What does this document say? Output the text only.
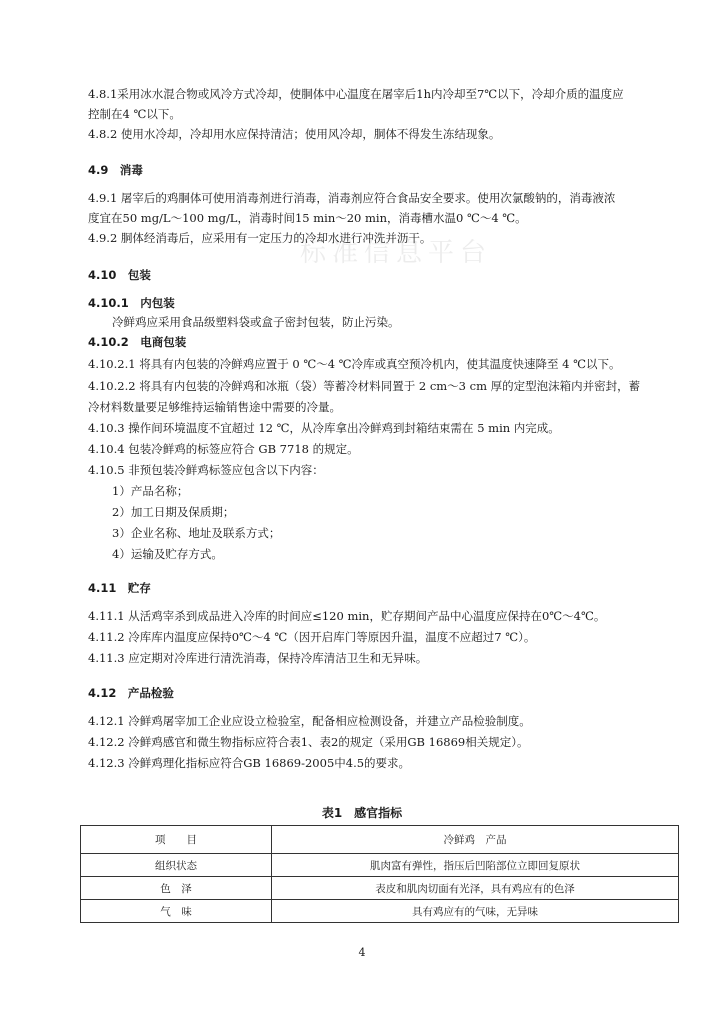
标准信息平台
4.8.1采用冰水混合物或风冷方式冷却，使胴体中心温度在屠宰后1h内冷却至7℃以下，冷却介质的温度应
控制在4 ℃以下。
4.8.2 使用水冷却，冷却用水应保持清洁；使用风冷却，胴体不得发生冻结现象。
4.9　消毒
4.9.1 屠宰后的鸡胴体可使用消毒剂进行消毒，消毒剂应符合食品安全要求。使用次氯酸钠的，消毒液浓
度宜在50 mg/L～100 mg/L，消毒时间15 min～20 min，消毒槽水温0 ℃～4 ℃。
4.9.2 胴体经消毒后，应采用有一定压力的冷却水进行冲洗并沥干。
4.10　包装
4.10.1　内包装
冷鲜鸡应采用食品级塑料袋或盒子密封包装，防止污染。
4.10.2　电商包装
4.10.2.1 将具有内包装的冷鲜鸡应置于 0 ℃～4 ℃冷库或真空预冷机内，使其温度快速降至 4 ℃以下。
4.10.2.2 将具有内包装的冷鲜鸡和冰瓶（袋）等蓄冷材料同置于 2 cm～3 cm 厚的定型泡沫箱内并密封，蓄
冷材料数量要足够维持运输销售途中需要的冷量。
4.10.3 操作间环境温度不宜超过 12 ℃，从冷库拿出冷鲜鸡到封箱结束需在 5 min 内完成。
4.10.4 包装冷鲜鸡的标签应符合 GB 7718 的规定。
4.10.5 非预包装冷鲜鸡标签应包含以下内容：
1）产品名称；
2）加工日期及保质期；
3）企业名称、地址及联系方式；
4）运输及贮存方式。
4.11　贮存
4.11.1 从活鸡宰杀到成品进入冷库的时间应≤120 min，贮存期间产品中心温度应保持在0℃～4℃。
4.11.2 冷库库内温度应保持0℃～4 ℃（因开启库门等原因升温，温度不应超过7 ℃）。
4.11.3 应定期对冷库进行清洗消毒，保持冷库清洁卫生和无异味。
4.12　产品检验
4.12.1 冷鲜鸡屠宰加工企业应设立检验室，配备相应检测设备，并建立产品检验制度。
4.12.2 冷鲜鸡感官和微生物指标应符合表1、表2的规定（采用GB 16869相关规定）。
4.12.3 冷鲜鸡理化指标应符合GB 16869-2005中4.5的要求。
表1　感官指标
项　　目	冷鲜鸡　产品
组织状态	肌肉富有弹性，指压后凹陷部位立即回复原状
色　泽	表皮和肌肉切面有光泽，具有鸡应有的色泽
气　味	具有鸡应有的气味，无异味
4
